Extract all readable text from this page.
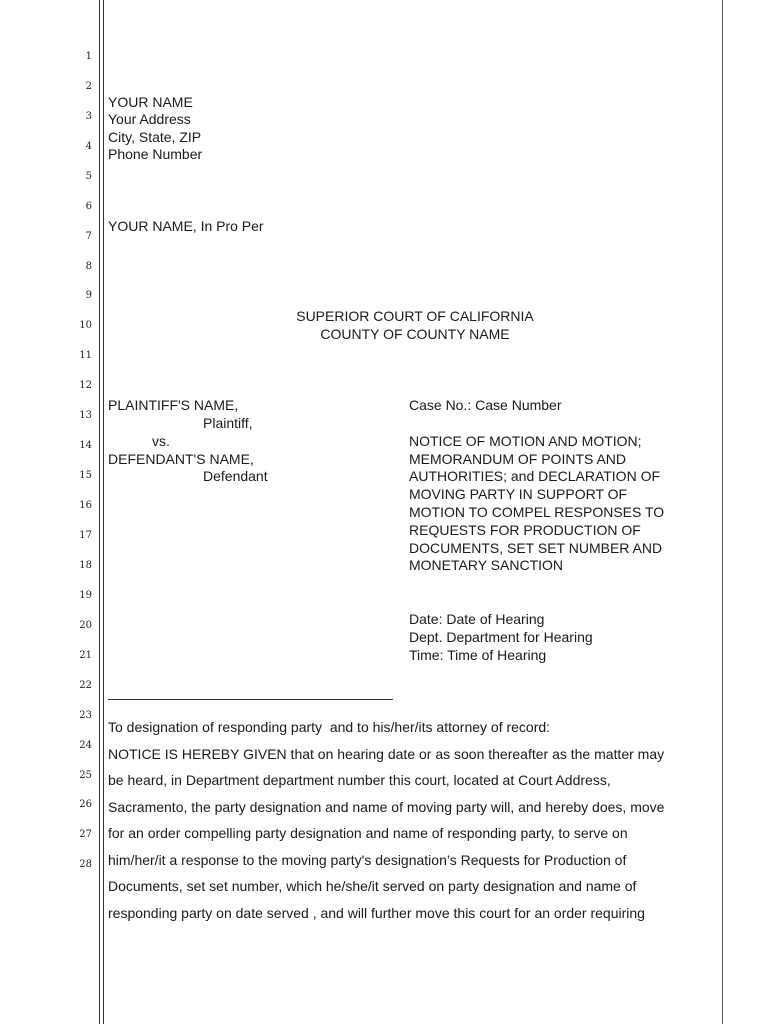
1
2
3
4
5
6
7
8
9
10
11
12
13
14
15
16
17
18
19
20
21
22
23
24
25
26
27
28
YOUR NAME
Your Address
City, State, ZIP
Phone Number
YOUR NAME, In Pro Per
SUPERIOR COURT OF CALIFORNIA
COUNTY OF COUNTY NAME
PLAINTIFF'S NAME,
Plaintiff,
vs.
DEFENDANT'S NAME,
Defendant
Case No.: Case Number
NOTICE OF MOTION AND MOTION;
MEMORANDUM OF POINTS AND
AUTHORITIES; and DECLARATION OF
MOVING PARTY IN SUPPORT OF
MOTION TO COMPEL RESPONSES TO
REQUESTS FOR PRODUCTION OF
DOCUMENTS, SET SET NUMBER AND
MONETARY SANCTION
Date: Date of Hearing
Dept. Department for Hearing
Time: Time of Hearing
To designation of responding party  and to his/her/its attorney of record:
NOTICE IS HEREBY GIVEN that on hearing date or as soon thereafter as the matter may
be heard, in Department department number this court, located at Court Address,
Sacramento, the party designation and name of moving party will, and hereby does, move
for an order compelling party designation and name of responding party, to serve on
him/her/it a response to the moving party's designation’s Requests for Production of
Documents, set set number, which he/she/it served on party designation and name of
responding party on date served , and will further move this court for an order requiring
